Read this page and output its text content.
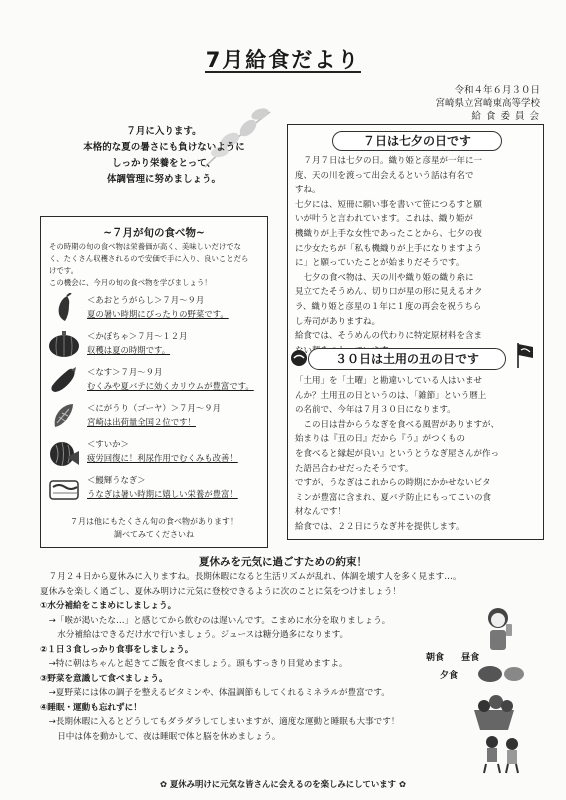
7月給食だより
令和４年６月３０日
宮崎県立宮崎東高等学校
給 食 委 員 会
７月に入ります。
本格的な夏の暑さにも負けないように
しっかり栄養をとって、
体調管理に努めましょう。
~７月が旬の食べ物~
その時期の旬の食べ物は栄養価が高く、美味しいだけでな
く、たくさん収穫されるので安価で手に入り、良いことだら
けです。
この機会に、今月の旬の食べ物を学びましょう！
＜あおとうがらし＞７月～９月
夏の暑い時期にぴったりの野菜です。
＜かぼちゃ＞７月～１２月
収穫は夏の時期です。
＜なす＞７月～９月
むくみや夏バテに効くカリウムが豊富です。
＜にがうり（ゴーヤ）＞７月～９月
宮崎は出荷量全国２位です！
＜すいか＞
疲労回復に！利尿作用でむくみも改善！
＜鰻輝うなぎ＞
うなぎは暑い時期に嬉しい栄養が豊富！
７月は他にもたくさん旬の食べ物があります！
調べてみてくださいね
７日は七夕の日です
　７月７日は七夕の日。織り姫と彦星が一年に一
度、天の川を渡って出会えるという話は有名で
すね。
七夕には、短冊に願い事を書いて笹につるすと願
いが叶うと言われています。これは、織り姫が
機織りが上手な女性であったことから、七夕の夜
に少女たちが「私も機織りが上手になりますよう
に」と願っていたことが始まりだそうです。
　七夕の食べ物は、天の川や織り姫の織り糸に
見立てたそうめん、切り口が星の形に見えるオク
ラ、織り姫と彦星の１年に１度の再会を祝うちら
し寿司がありますね。
給食では、そうめんの代わりに特定原材料を含ま
３０日は土用の丑の日です
「土用」を「土曜」と勘違いしている人はいませ
んか？土用丑の日というのは、「雑節」という暦上
の名前で、今年は７月３０日になります。
　この日は昔からうなぎを食べる風習がありますが、
始まりは『丑の日』だから『う』がつくもの
を食べると縁起が良い』というとうなぎ屋さんが作っ
た語呂合わせだったそうです。
ですが、うなぎはこれからの時期にかかせないビタ
ミンが豊富に含まれ、夏バテ防止にもってこいの食
材なんです！
給食では、２２日にうなぎ丼を提供します。
夏休みを元気に過ごすための約束！
　７月２４日から夏休みに入りますね。長期休暇になると生活リズムが乱れ、体調を壊す人を多く見ます…。
夏休みを楽しく過ごし、夏休み明けに元気に登校できるように次のことに気をつけましょう！
①水分補給をこまめにしましょう。
　→「喉が渇いたな…」と感じてから飲むのは遅いんです。こまめに水分を取りましょう。
　　水分補給はできるだけ水で行いましょう。ジュースは糖分過多になります。
②１日３食しっかり食事をしましょう。
　→特に朝はちゃんと起きてご飯を食べましょう。頭もすっきり目覚めますよ。
③野菜を意識して食べましょう。
　→夏野菜には体の調子を整えるビタミンや、体温調節もしてくれるミネラルが豊富です。
④睡眠・運動も忘れずに！
　→長期休暇に入るとどうしてもダラダラしてしまいますが、適度な運動と睡眠も大事です！
　　日中は体を動かして、夜は睡眠で体と脳を休めましょう。
朝食 昼食
夕食
✿ 夏休み明けに元気な皆さんに会えるのを楽しみにしています ✿
